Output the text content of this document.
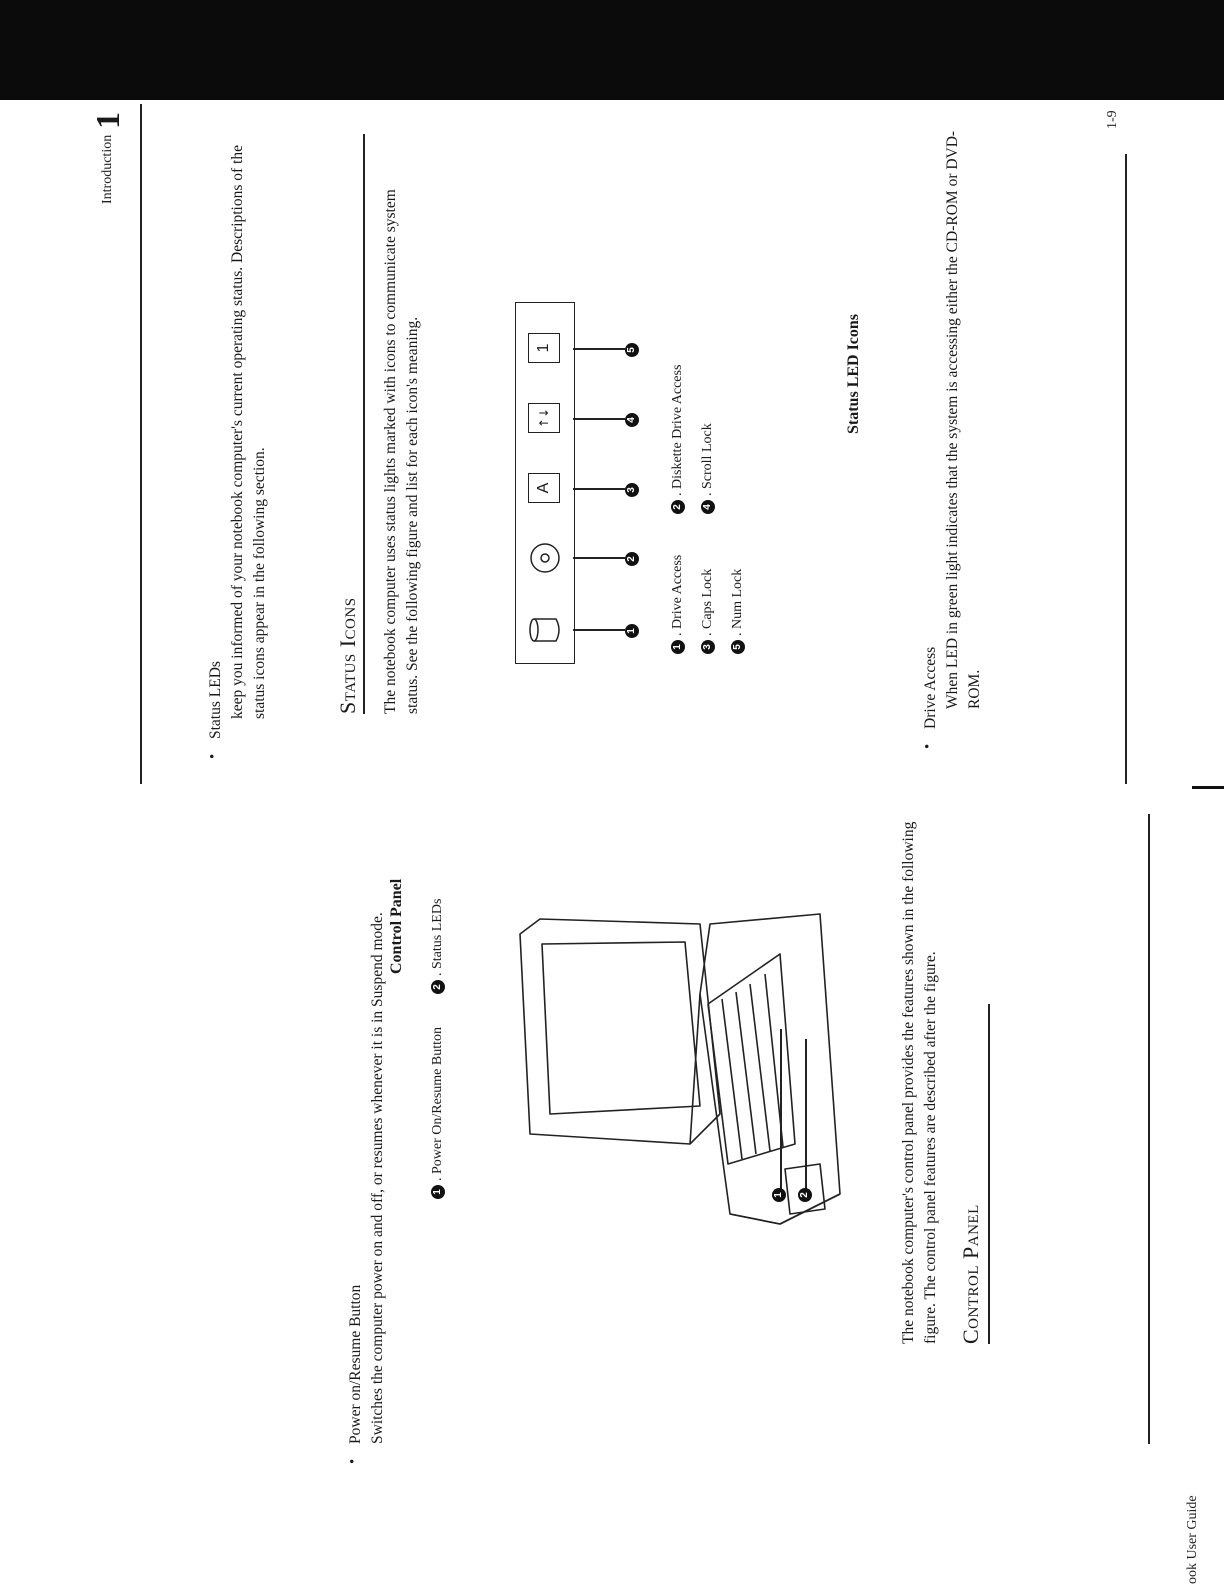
ook User Guide
Control Panel
The notebook computer's control panel provides the features shown in the following figure. The control panel features are described after the figure.
1 2
1
. Power On/Resume Button
2
. Status LEDs
Control Panel
•
Power on/Resume Button Switches the computer power on and off, or resumes whenever it is in Suspend mode.
Introduction
1	1-9
•
Status LEDs keep you informed of your notebook computer's current operating status. Descriptions of the status icons appear in the following section.	Status Icons The notebook computer uses status lights marked with icons to communicate system status. See the following figure and list for each icon's meaning.	A
↑↓
1
1
2
3
4
5
1
. Drive Access
2
. Diskette Drive Access
3
. Caps Lock
4
. Scroll Lock
5
. Num Lock
Status LED Icons
•
Drive Access When LED in green light indicates that the system is accessing either the CD-ROM or DVD-ROM.
